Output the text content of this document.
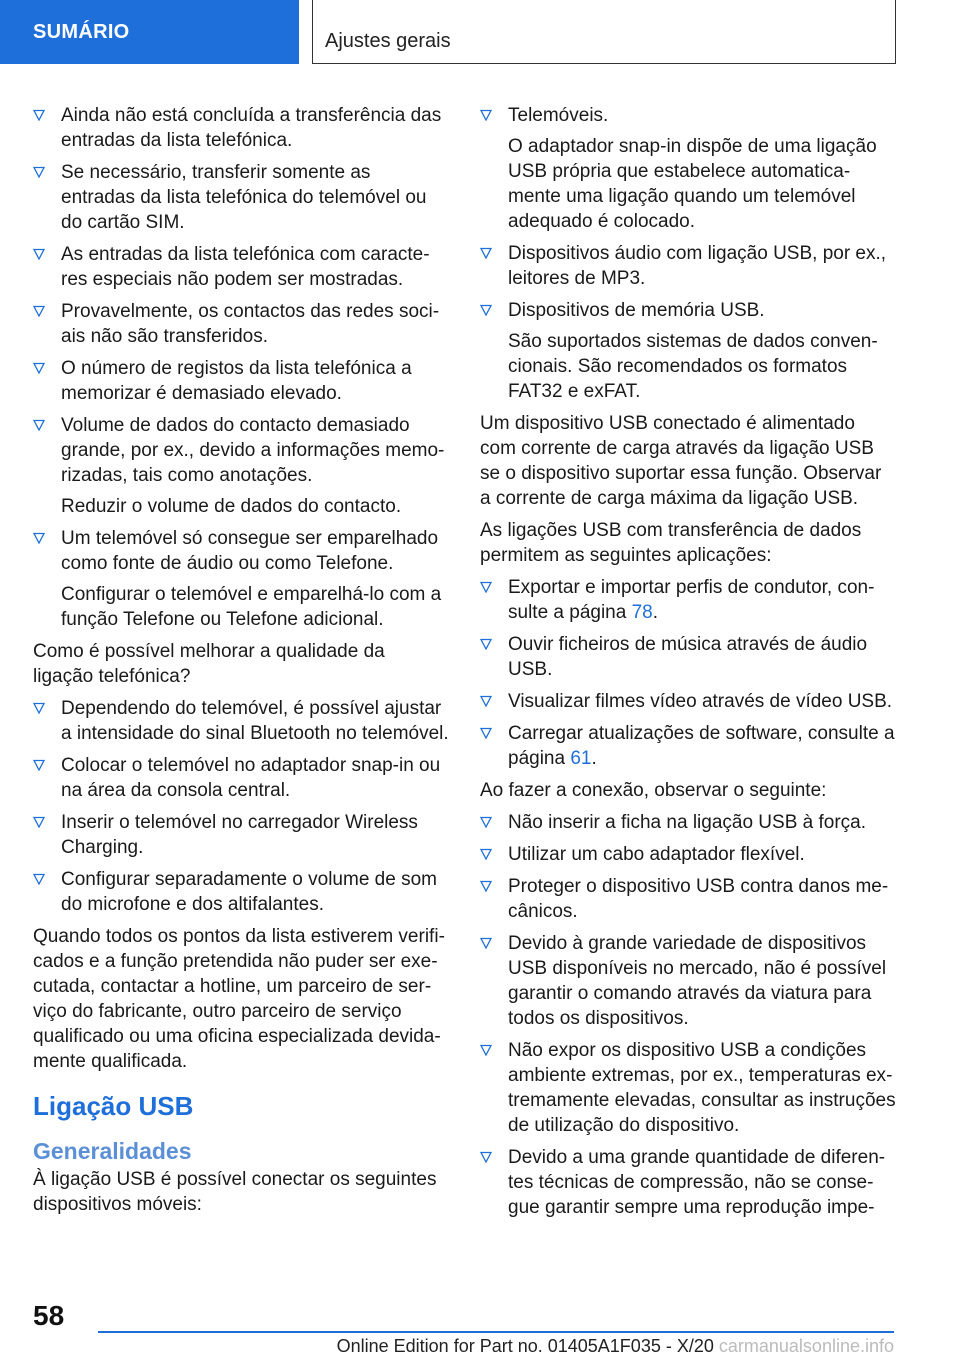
SUMÁRIO	Ajustes gerais
Ainda não está concluída a transferência das entradas da lista telefónica.
Se necessário, transferir somente as entradas da lista telefónica do telemóvel ou do cartão SIM.
As entradas da lista telefónica com caracteres especiais não podem ser mostradas.
Provavelmente, os contactos das redes sociais não são transferidos.
O número de registos da lista telefónica a memorizar é demasiado elevado.
Volume de dados do contacto demasiado grande, por ex., devido a informações memorizadas, tais como anotações.
Reduzir o volume de dados do contacto.
Um telemóvel só consegue ser emparelhado como fonte de áudio ou como Telefone.
Configurar o telemóvel e emparelhá-lo com a função Telefone ou Telefone adicional.
Como é possível melhorar a qualidade da ligação telefónica?
Dependendo do telemóvel, é possível ajustar a intensidade do sinal Bluetooth no telemóvel.
Colocar o telemóvel no adaptador snap-in ou na área da consola central.
Inserir o telemóvel no carregador Wireless Charging.
Configurar separadamente o volume de som do microfone e dos altifalantes.
Quando todos os pontos da lista estiverem verificados e a função pretendida não puder ser executada, contactar a hotline, um parceiro de serviço do fabricante, outro parceiro de serviço qualificado ou uma oficina especializada devidamente qualificada.
Ligação USB
Generalidades
À ligação USB é possível conectar os seguintes dispositivos móveis:
Telemóveis.
O adaptador snap-in dispõe de uma ligação USB própria que estabelece automaticamente uma ligação quando um telemóvel adequado é colocado.
Dispositivos áudio com ligação USB, por ex., leitores de MP3.
Dispositivos de memória USB.
São suportados sistemas de dados convencionais. São recomendados os formatos FAT32 e exFAT.
Um dispositivo USB conectado é alimentado com corrente de carga através da ligação USB se o dispositivo suportar essa função. Observar a corrente de carga máxima da ligação USB.
As ligações USB com transferência de dados permitem as seguintes aplicações:
Exportar e importar perfis de condutor, consulte a página 78.
Ouvir ficheiros de música através de áudio USB.
Visualizar filmes vídeo através de vídeo USB.
Carregar atualizações de software, consulte a página 61.
Ao fazer a conexão, observar o seguinte:
Não inserir a ficha na ligação USB à força.
Utilizar um cabo adaptador flexível.
Proteger o dispositivo USB contra danos mecânicos.
Devido à grande variedade de dispositivos USB disponíveis no mercado, não é possível garantir o comando através da viatura para todos os dispositivos.
Não expor os dispositivo USB a condições ambiente extremas, por ex., temperaturas extremamente elevadas, consultar as instruções de utilização do dispositivo.
Devido a uma grande quantidade de diferentes técnicas de compressão, não se consegue garantir sempre uma reprodução impe-
58
Online Edition for Part no. 01405A1F035 - X/20 carmanualsonline.info
